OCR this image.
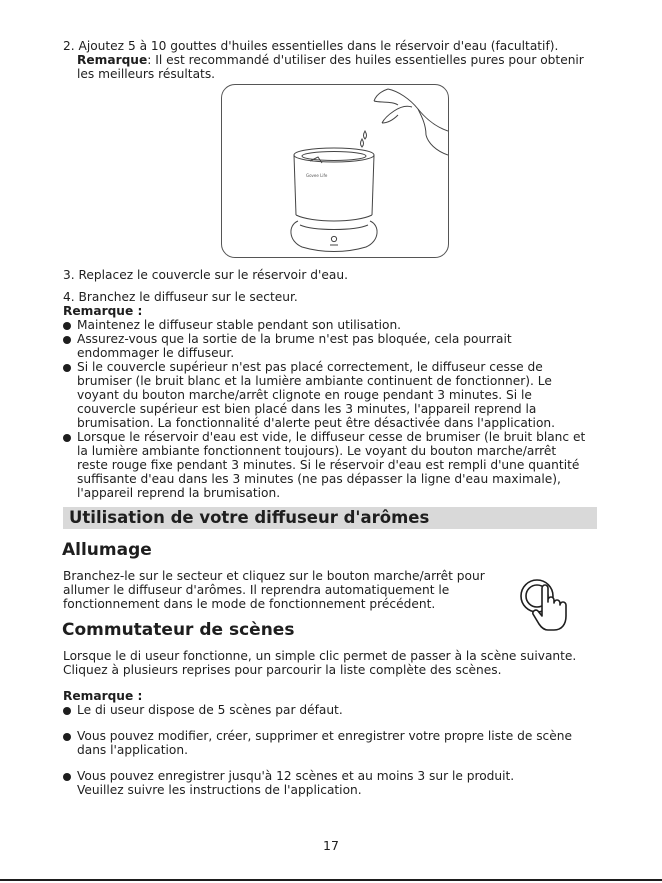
2. Ajoutez 5 à 10 gouttes d'huiles essentielles dans le réservoir d'eau (facultatif).
Remarque: Il est recommandé d'utiliser des huiles essentielles pures pour obtenir
les meilleurs résultats.
Govee Life
3. Replacez le couvercle sur le réservoir d'eau.
4. Branchez le diffuseur sur le secteur.
Remarque :
Maintenez le diffuseur stable pendant son utilisation.
Assurez-vous que la sortie de la brume n'est pas bloquée, cela pourrait
endommager le diffuseur.
Si le couvercle supérieur n'est pas placé correctement, le diffuseur cesse de
brumiser (le bruit blanc et la lumière ambiante continuent de fonctionner). Le
voyant du bouton marche/arrêt clignote en rouge pendant 3 minutes. Si le
couvercle supérieur est bien placé dans les 3 minutes, l'appareil reprend la
brumisation. La fonctionnalité d'alerte peut être désactivée dans l'application.
Lorsque le réservoir d'eau est vide, le diffuseur cesse de brumiser (le bruit blanc et
la lumière ambiante fonctionnent toujours). Le voyant du bouton marche/arrêt
reste rouge fixe pendant 3 minutes. Si le réservoir d'eau est rempli d'une quantité
suffisante d'eau dans les 3 minutes (ne pas dépasser la ligne d'eau maximale),
l'appareil reprend la brumisation.
Utilisation de votre diffuseur d'arômes
Allumage
Branchez-le sur le secteur et cliquez sur le bouton marche/arrêt pour
allumer le diffuseur d'arômes. Il reprendra automatiquement le
fonctionnement dans le mode de fonctionnement précédent.
Commutateur de scènes
Lorsque le di useur fonctionne, un simple clic permet de passer à la scène suivante.
Cliquez à plusieurs reprises pour parcourir la liste complète des scènes.
Remarque :
Le di useur dispose de 5 scènes par défaut.
Vous pouvez modifier, créer, supprimer et enregistrer votre propre liste de scène
dans l'application.
Vous pouvez enregistrer jusqu'à 12 scènes et au moins 3 sur le produit.
Veuillez suivre les instructions de l'application.
17
